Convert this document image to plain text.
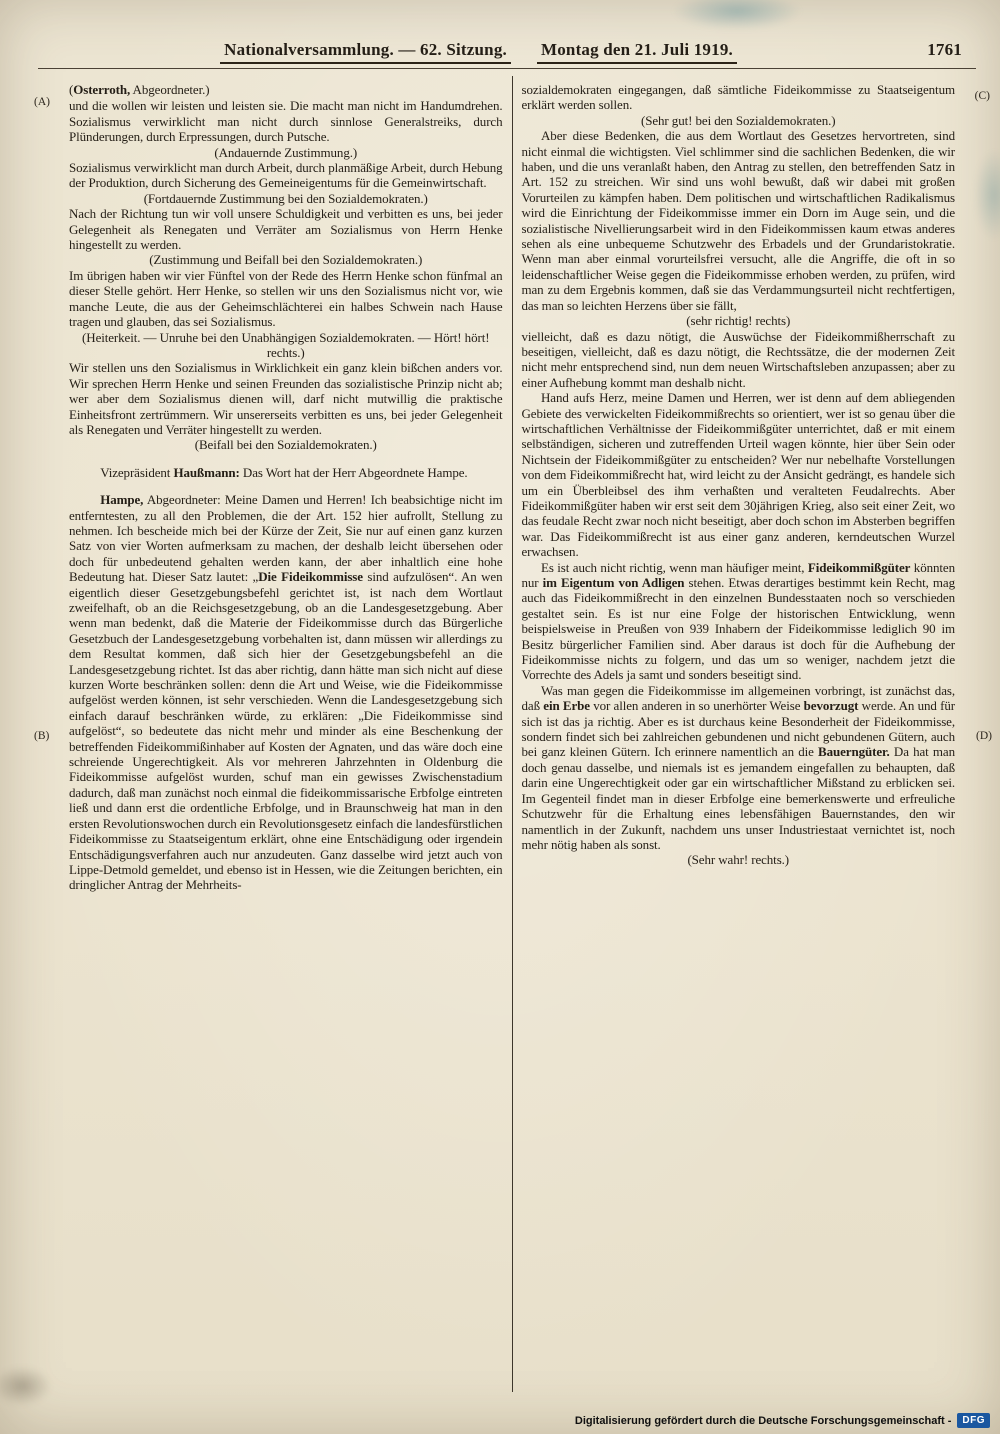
Nationalversammlung. — 62. Sitzung. Montag den 21. Juli 1919.	1761
(A)
(B)
(C)
(D)

(Osterroth, Abgeordneter.)

und die wollen wir leisten und leisten sie. Die macht man nicht im Handumdrehen. Sozialismus verwirklicht man nicht durch sinnlose Generalstreiks, durch Plünderungen, durch Erpressungen, durch Putsche.

(Andauernde Zustimmung.)

Sozialismus verwirklicht man durch Arbeit, durch planmäßige Arbeit, durch Hebung der Produktion, durch Sicherung des Gemeineigentums für die Gemeinwirtschaft.

(Fortdauernde Zustimmung bei den Sozialdemokraten.)

Nach der Richtung tun wir voll unsere Schuldigkeit und verbitten es uns, bei jeder Gelegenheit als Renegaten und Verräter am Sozialismus von Herrn Henke hingestellt zu werden.

(Zustimmung und Beifall bei den Sozialdemokraten.)

Im übrigen haben wir vier Fünftel von der Rede des Herrn Henke schon fünfmal an dieser Stelle gehört. Herr Henke, so stellen wir uns den Sozialismus nicht vor, wie manche Leute, die aus der Geheimschlächterei ein halbes Schwein nach Hause tragen und glauben, das sei Sozialismus.

(Heiterkeit. — Unruhe bei den Unabhängigen Sozialdemokraten. — Hört! hört! rechts.)

Wir stellen uns den Sozialismus in Wirklichkeit ein ganz klein bißchen anders vor. Wir sprechen Herrn Henke und seinen Freunden das sozialistische Prinzip nicht ab; wer aber dem Sozialismus dienen will, darf nicht mutwillig die praktische Einheitsfront zertrümmern. Wir unsererseits verbitten es uns, bei jeder Gelegenheit als Renegaten und Verräter hingestellt zu werden.

(Beifall bei den Sozialdemokraten.)

Vizepräsident Haußmann: Das Wort hat der Herr Abgeordnete Hampe.

Hampe, Abgeordneter: Meine Damen und Herren! Ich beabsichtige nicht im entferntesten, zu all den Problemen, die der Art. 152 hier aufrollt, Stellung zu nehmen. Ich bescheide mich bei der Kürze der Zeit, Sie nur auf einen ganz kurzen Satz von vier Worten aufmerksam zu machen, der deshalb leicht übersehen oder doch für unbedeutend gehalten werden kann, der aber inhaltlich eine hohe Bedeutung hat. Dieser Satz lautet: „Die Fideikommisse sind aufzulösen“. An wen eigentlich dieser Gesetzgebungsbefehl gerichtet ist, ist nach dem Wortlaut zweifelhaft, ob an die Reichsgesetzgebung, ob an die Landesgesetzgebung. Aber wenn man bedenkt, daß die Materie der Fideikommisse durch das Bürgerliche Gesetzbuch der Landesgesetzgebung vorbehalten ist, dann müssen wir allerdings zu dem Resultat kommen, daß sich hier der Gesetzgebungsbefehl an die Landesgesetzgebung richtet. Ist das aber richtig, dann hätte man sich nicht auf diese kurzen Worte beschränken sollen: denn die Art und Weise, wie die Fideikommisse aufgelöst werden können, ist sehr verschieden. Wenn die Landesgesetzgebung sich einfach darauf beschränken würde, zu erklären: „Die Fideikommisse sind aufgelöst“, so bedeutete das nicht mehr und minder als eine Beschenkung der betreffenden Fideikommißinhaber auf Kosten der Agnaten, und das wäre doch eine schreiende Ungerechtigkeit. Als vor mehreren Jahrzehnten in Oldenburg die Fideikommisse aufgelöst wurden, schuf man ein gewisses Zwischenstadium dadurch, daß man zunächst noch einmal die fideikommissarische Erbfolge eintreten ließ und dann erst die ordentliche Erbfolge, und in Braunschweig hat man in den ersten Revolutionswochen durch ein Revolutionsgesetz einfach die landesfürstlichen Fideikommisse zu Staatseigentum erklärt, ohne eine Entschädigung oder irgendein Entschädigungsverfahren auch nur anzudeuten. Ganz dasselbe wird jetzt auch von Lippe-Detmold gemeldet, und ebenso ist in Hessen, wie die Zeitungen berichten, ein dringlicher Antrag der Mehrheits-

sozialdemokraten eingegangen, daß sämtliche Fideikommisse zu Staatseigentum erklärt werden sollen.

(Sehr gut! bei den Sozialdemokraten.)

Aber diese Bedenken, die aus dem Wortlaut des Gesetzes hervortreten, sind nicht einmal die wichtigsten. Viel schlimmer sind die sachlichen Bedenken, die wir haben, und die uns veranlaßt haben, den Antrag zu stellen, den betreffenden Satz in Art. 152 zu streichen. Wir sind uns wohl bewußt, daß wir dabei mit großen Vorurteilen zu kämpfen haben. Dem politischen und wirtschaftlichen Radikalismus wird die Einrichtung der Fideikommisse immer ein Dorn im Auge sein, und die sozialistische Nivellierungsarbeit wird in den Fideikommissen kaum etwas anderes sehen als eine unbequeme Schutzwehr des Erbadels und der Grundaristokratie. Wenn man aber einmal vorurteilsfrei versucht, alle die Angriffe, die oft in so leidenschaftlicher Weise gegen die Fideikommisse erhoben werden, zu prüfen, wird man zu dem Ergebnis kommen, daß sie das Verdammungsurteil nicht rechtfertigen, das man so leichten Herzens über sie fällt,

(sehr richtig! rechts)

vielleicht, daß es dazu nötigt, die Auswüchse der Fideikommißherrschaft zu beseitigen, vielleicht, daß es dazu nötigt, die Rechtssätze, die der modernen Zeit nicht mehr entsprechend sind, nun dem neuen Wirtschaftsleben anzupassen; aber zu einer Aufhebung kommt man deshalb nicht.

Hand aufs Herz, meine Damen und Herren, wer ist denn auf dem abliegenden Gebiete des verwickelten Fideikommißrechts so orientiert, wer ist so genau über die wirtschaftlichen Verhältnisse der Fideikommißgüter unterrichtet, daß er mit einem selbständigen, sicheren und zutreffenden Urteil wagen könnte, hier über Sein oder Nichtsein der Fideikommißgüter zu entscheiden? Wer nur nebelhafte Vorstellungen von dem Fideikommißrecht hat, wird leicht zu der Ansicht gedrängt, es handele sich um ein Überbleibsel des ihm verhaßten und veralteten Feudalrechts. Aber Fideikommißgüter haben wir erst seit dem 30jährigen Krieg, also seit einer Zeit, wo das feudale Recht zwar noch nicht beseitigt, aber doch schon im Absterben begriffen war. Das Fideikommißrecht ist aus einer ganz anderen, kerndeutschen Wurzel erwachsen.

Es ist auch nicht richtig, wenn man häufiger meint, Fideikommißgüter könnten nur im Eigentum von Adligen stehen. Etwas derartiges bestimmt kein Recht, mag auch das Fideikommißrecht in den einzelnen Bundesstaaten noch so verschieden gestaltet sein. Es ist nur eine Folge der historischen Entwicklung, wenn beispielsweise in Preußen von 939 Inhabern der Fideikommisse lediglich 90 im Besitz bürgerlicher Familien sind. Aber daraus ist doch für die Aufhebung der Fideikommisse nichts zu folgern, und das um so weniger, nachdem jetzt die Vorrechte des Adels ja samt und sonders beseitigt sind.

Was man gegen die Fideikommisse im allgemeinen vorbringt, ist zunächst das, daß ein Erbe vor allen anderen in so unerhörter Weise bevorzugt werde. An und für sich ist das ja richtig. Aber es ist durchaus keine Besonderheit der Fideikommisse, sondern findet sich bei zahlreichen gebundenen und nicht gebundenen Gütern, auch bei ganz kleinen Gütern. Ich erinnere namentlich an die Bauerngüter. Da hat man doch genau dasselbe, und niemals ist es jemandem eingefallen zu behaupten, daß darin eine Ungerechtigkeit oder gar ein wirtschaftlicher Mißstand zu erblicken sei. Im Gegenteil findet man in dieser Erbfolge eine bemerkenswerte und erfreuliche Schutzwehr für die Erhaltung eines lebensfähigen Bauernstandes, den wir namentlich in der Zukunft, nachdem uns unser Industriestaat vernichtet ist, noch mehr nötig haben als sonst.

(Sehr wahr! rechts.)

Digitalisierung gefördert durch die Deutsche Forschungsgemeinschaft -	DFG
